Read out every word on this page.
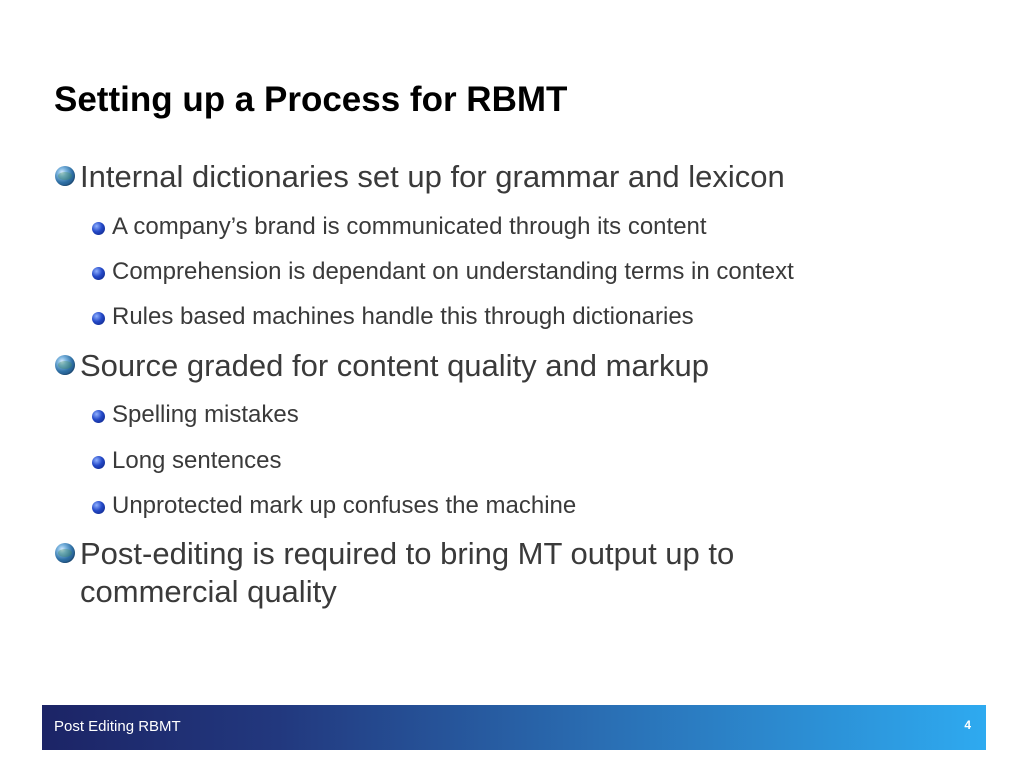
Setting up a Process for RBMT
Internal dictionaries set up for grammar and lexicon
A company’s brand is communicated through its content
Comprehension is dependant on understanding terms in context
Rules based machines handle this through dictionaries
Source graded for content quality and markup
Spelling mistakes
Long sentences
Unprotected mark up confuses the machine
Post-editing is required to bring MT output up to commercial quality
Post Editing RBMT	4
